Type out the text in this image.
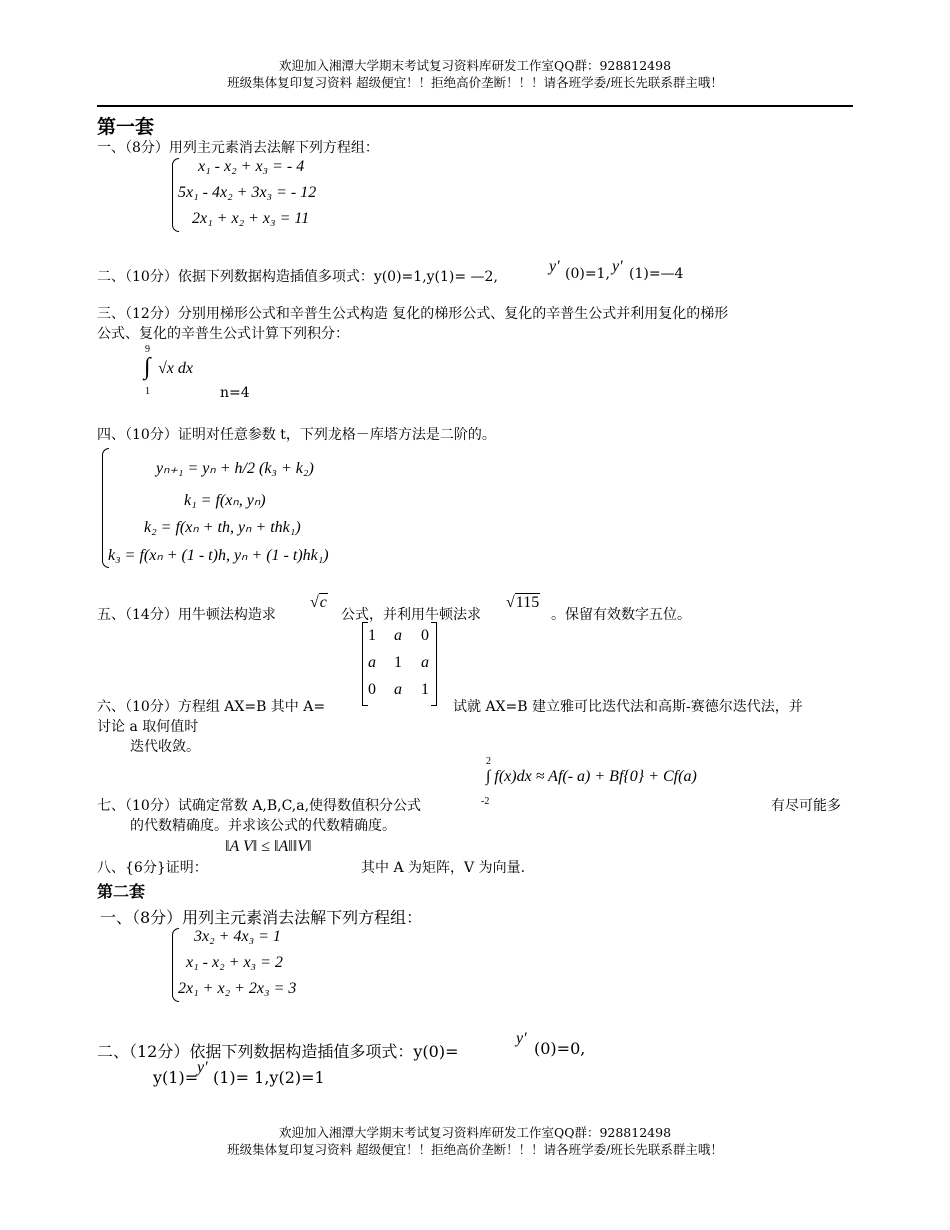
欢迎加入湘潭大学期末考试复习资料库研发工作室QQ群：928812498
班级集体复印复习资料 超级便宜！！拒绝高价垄断！！！请各班学委/班长先联系群主哦！
第一套
一、（8分）用列主元素消去法解下列方程组：
x₁ - x₂ + x₃ = - 4
5x₁ - 4x₂ + 3x₃ = - 12
2x₁ + x₂ + x₃ = 11
二、（10分）依据下列数据构造插值多项式：y(0)=1,y(1)= —2,
y′ (0)=1, y′ (1)=—4
三、（12分）分别用梯形公式和辛普生公式构造 复化的梯形公式、复化的辛普生公式并利用复化的梯形
公式、复化的辛普生公式计算下列积分：
9
∫ √x dx
1	n=4
四、（10分）证明对任意参数 t，下列龙格－库塔方法是二阶的。
yₙ₊₁ = yₙ + h/2 (k₃ + k₂)
k₁ = f(xₙ, yₙ)
k₂ = f(xₙ + th, yₙ + thk₁)
k₃ = f(xₙ + (1 - t)h, yₙ + (1 - t)hk₁)
五、（14分）用牛顿法构造求
√c
公式，并利用牛顿法求
√115
。保留有效数字五位。
1	a	0
a	1	a
0	a	1
六、（10分）方程组 AX=B 其中 A=	试就 AX=B 建立雅可比迭代法和高斯-赛德尔迭代法，并
讨论 a 取何值时
迭代收敛。
2
∫ f(x)dx ≈ Af(- a) + Bf{0} + Cf(a)
-2
七、（10分）试确定常数 A,B,C,a,使得数值积分公式	有尽可能多
的代数精确度。并求该公式的代数精确度。
八、{6分}证明：
‖A V‖ ≤ ‖A‖‖V‖
其中 A 为矩阵，V 为向量.
第二套
一、（8分）用列主元素消去法解下列方程组：
3x₂ + 4x₃ = 1
x₁ - x₂ + x₃ = 2
2x₁ + x₂ + 2x₃ = 3
二、（12分）依据下列数据构造插值多项式：y(0)=
y′
(0)=0,
y(1)=
y′
(1)= 1,y(2)=1
欢迎加入湘潭大学期末考试复习资料库研发工作室QQ群：928812498
班级集体复印复习资料 超级便宜！！拒绝高价垄断！！！请各班学委/班长先联系群主哦！
